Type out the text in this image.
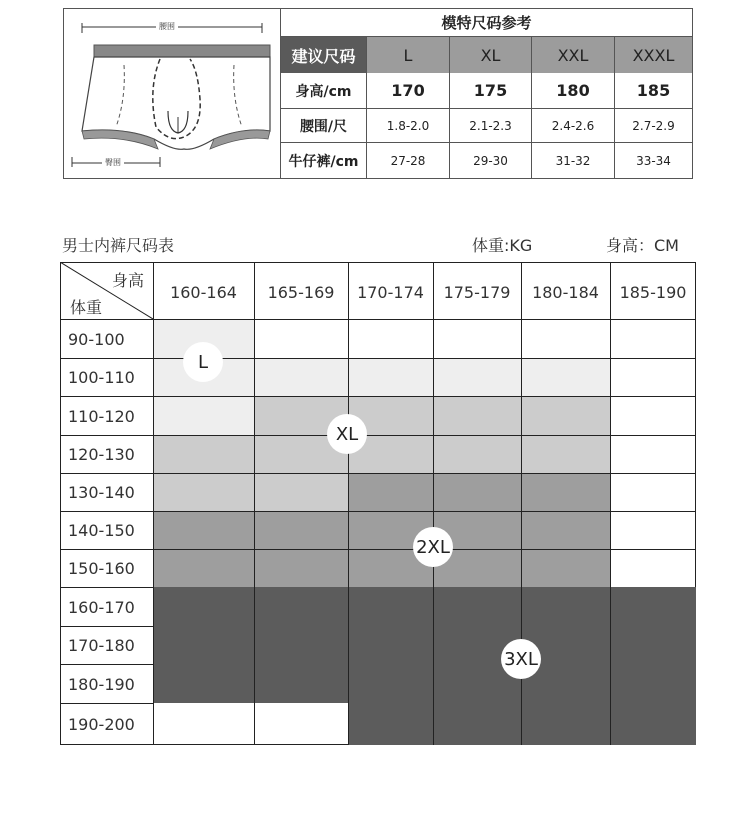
腰围
臀围
模特尺码参考
建议尺码	L	XL	XXL	XXXL
身高/cm	170	175	180	185
腰围/尺	1.8-2.0	2.1-2.3	2.4-2.6	2.7-2.9
牛仔裤/cm	27-28	29-30	31-32	33-34
男士内裤尺码表	体重:KG	身高：CM
160-164 165-169 170-174 175-179 180-184 185-190
90-100
100-110
110-120
120-130
130-140
140-150
150-160
160-170
170-180
180-190
190-200
L
XL
2XL
3XL
身高
体重
